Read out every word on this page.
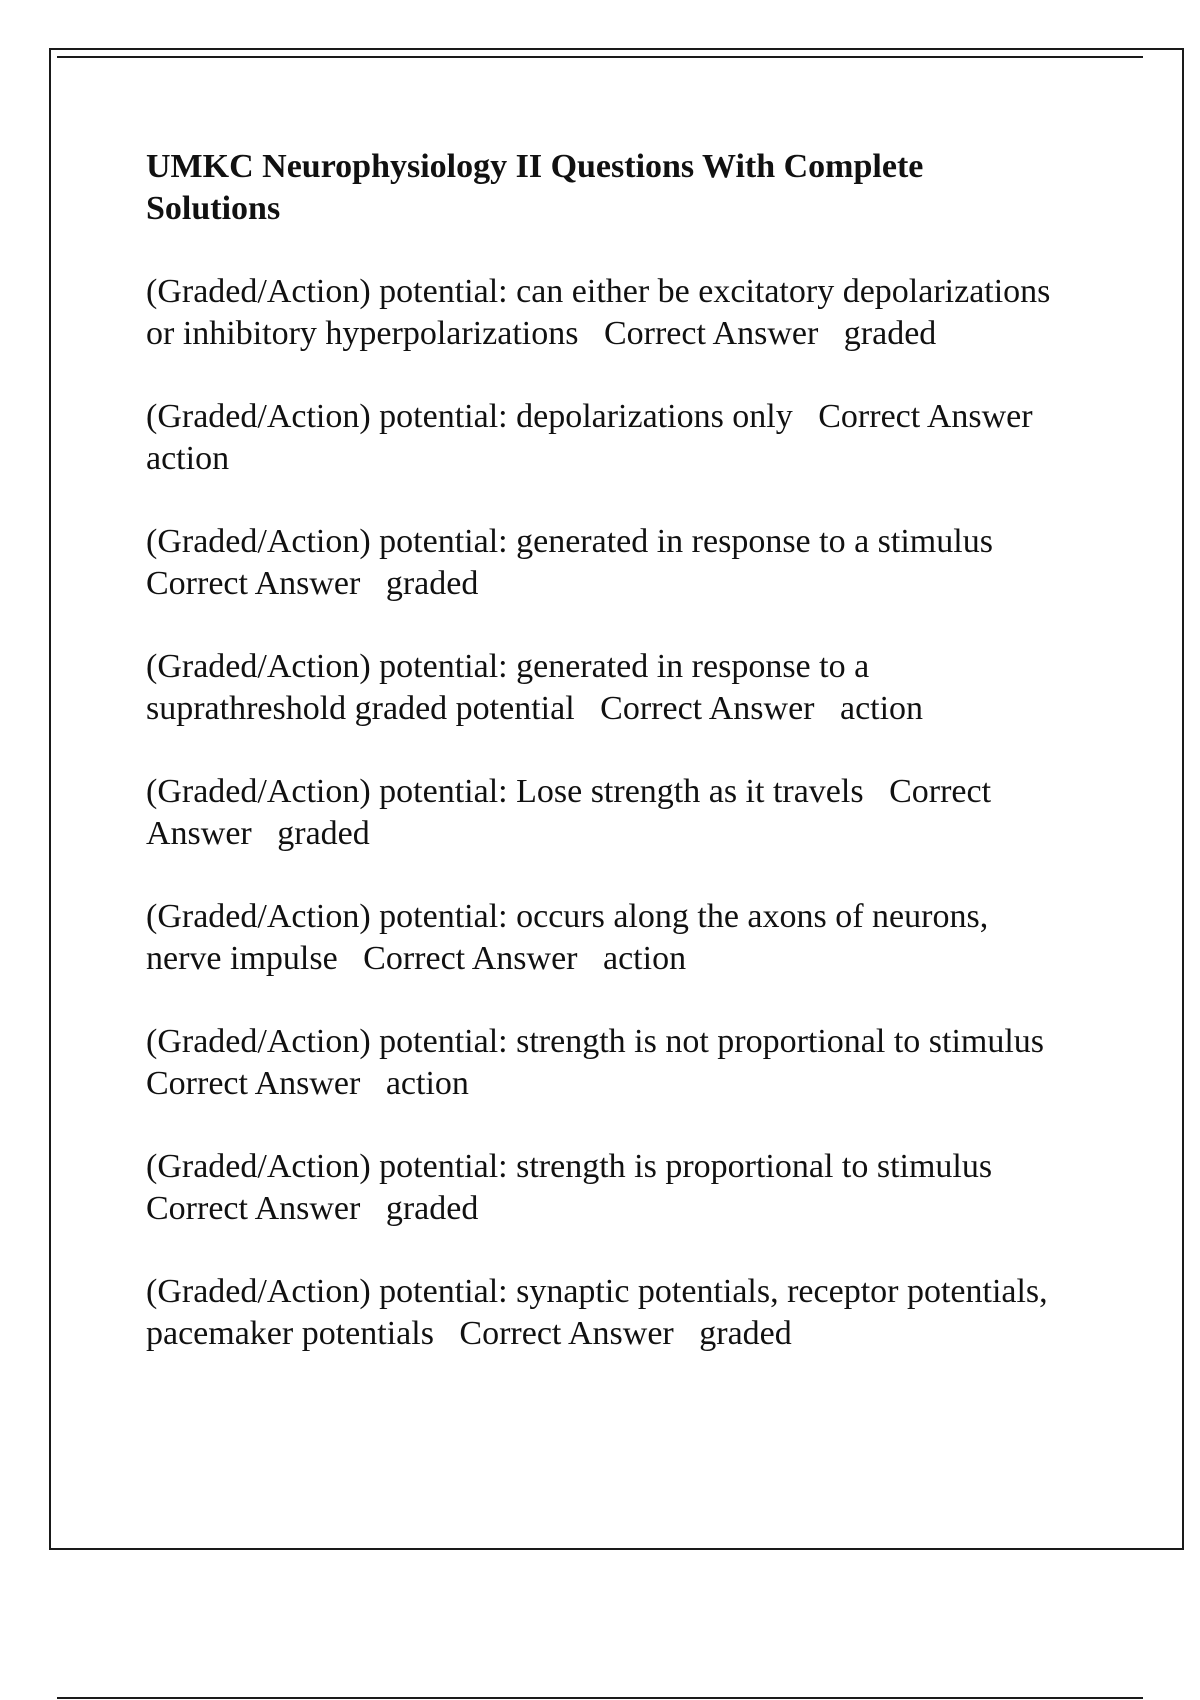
UMKC Neurophysiology II Questions With Complete Solutions

(Graded/Action) potential: can either be excitatory depolarizations or inhibitory hyperpolarizations   Correct Answer   graded

(Graded/Action) potential: depolarizations only   Correct Answer   action

(Graded/Action) potential: generated in response to a stimulus   Correct Answer   graded

(Graded/Action) potential: generated in response to a suprathreshold graded potential   Correct Answer   action

(Graded/Action) potential: Lose strength as it travels   Correct Answer   graded

(Graded/Action) potential: occurs along the axons of neurons, nerve impulse   Correct Answer   action

(Graded/Action) potential: strength is not proportional to stimulus   Correct Answer   action

(Graded/Action) potential: strength is proportional to stimulus   Correct Answer   graded

(Graded/Action) potential: synaptic potentials, receptor potentials, pacemaker potentials   Correct Answer   graded
